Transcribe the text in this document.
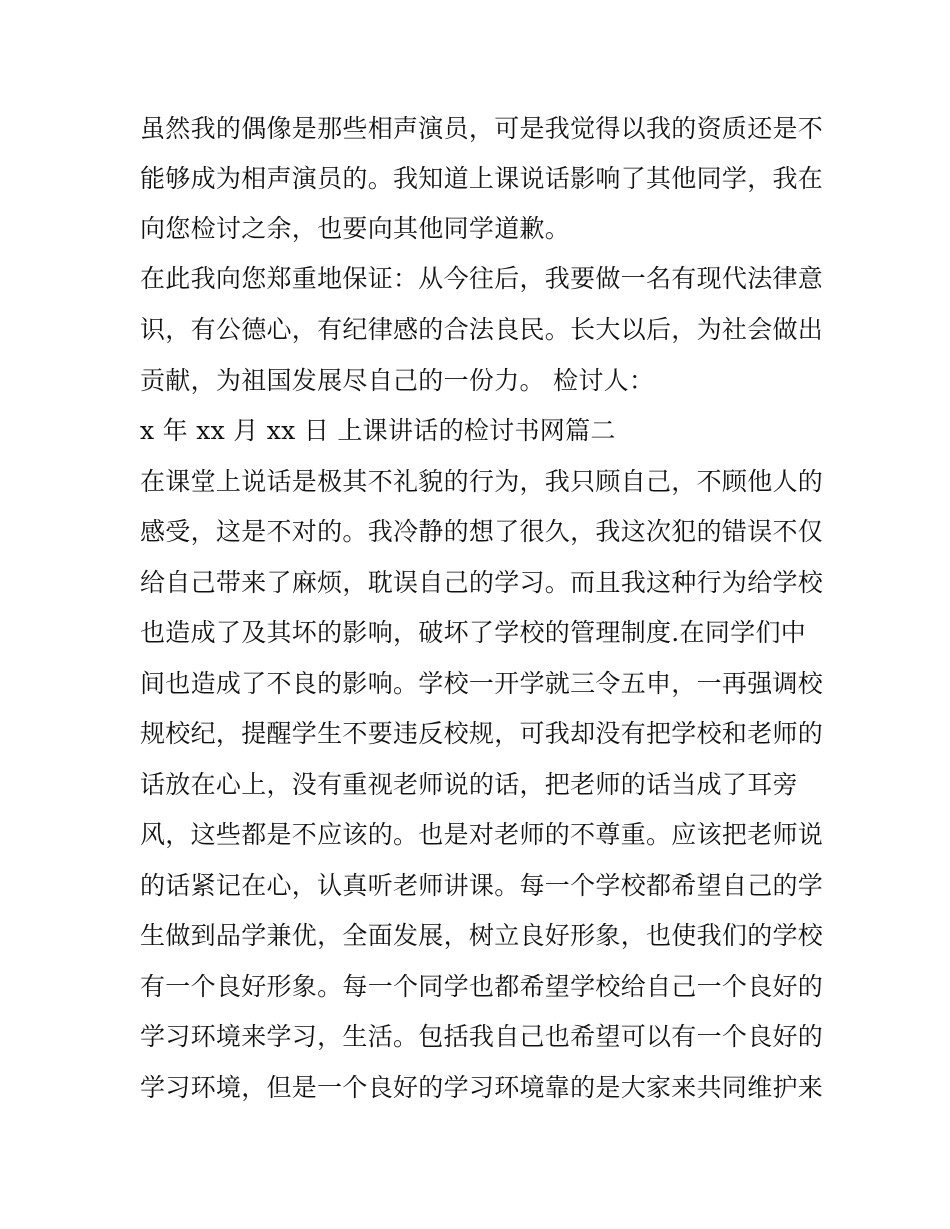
虽然我的偶像是那些相声演员，可是我觉得以我的资质还是不
能够成为相声演员的。我知道上课说话影响了其他同学，我在
向您检讨之余，也要向其他同学道歉。
在此我向您郑重地保证：从今往后，我要做一名有现代法律意
识，有公德心，有纪律感的合法良民。长大以后，为社会做出
贡献，为祖国发展尽自己的一份力。 检讨人：
x 年 xx 月 xx 日 上课讲话的检讨书网篇二
在课堂上说话是极其不礼貌的行为，我只顾自己，不顾他人的
感受，这是不对的。我冷静的想了很久，我这次犯的错误不仅
给自己带来了麻烦，耽误自己的学习。而且我这种行为给学校
也造成了及其坏的影响，破坏了学校的管理制度.在同学们中
间也造成了不良的影响。学校一开学就三令五申，一再强调校
规校纪，提醒学生不要违反校规，可我却没有把学校和老师的
话放在心上，没有重视老师说的话，把老师的话当成了耳旁
风，这些都是不应该的。也是对老师的不尊重。应该把老师说
的话紧记在心，认真听老师讲课。每一个学校都希望自己的学
生做到品学兼优，全面发展，树立良好形象，也使我们的学校
有一个良好形象。每一个同学也都希望学校给自己一个良好的
学习环境来学习，生活。包括我自己也希望可以有一个良好的
学习环境，但是一个良好的学习环境靠的是大家来共同维护来
